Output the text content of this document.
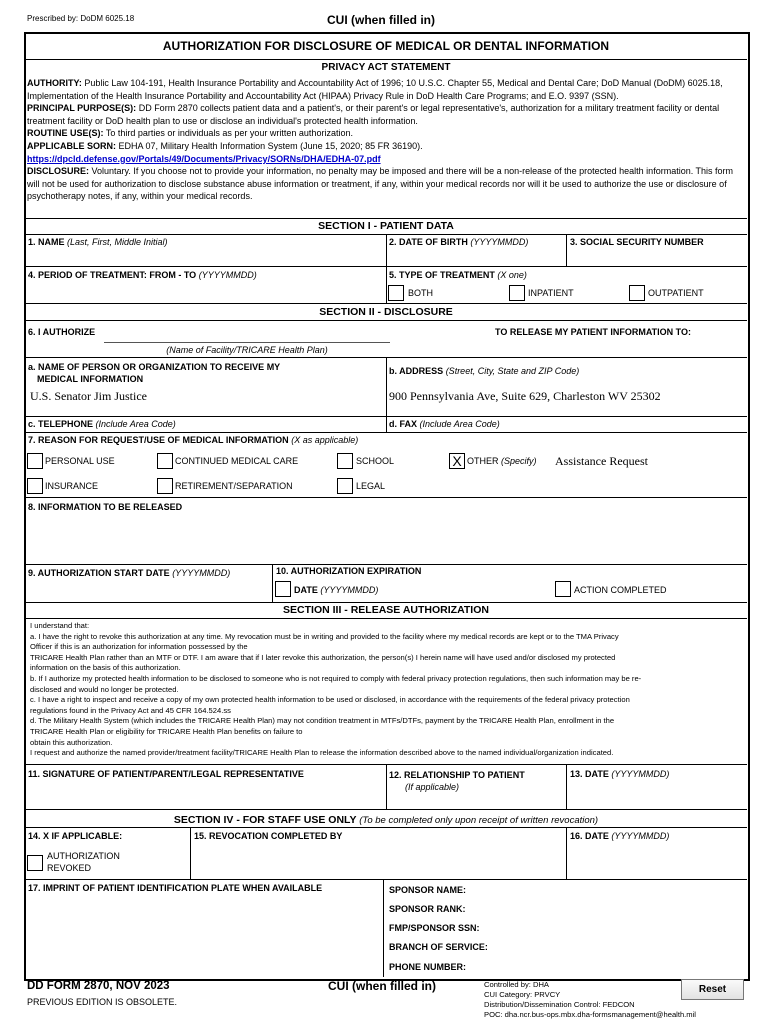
Prescribed by: DoDM 6025.18	CUI (when filled in)
AUTHORIZATION FOR DISCLOSURE OF MEDICAL OR DENTAL INFORMATION
PRIVACY ACT STATEMENT
AUTHORITY: Public Law 104-191, Health Insurance Portability and Accountability Act of 1996; 10 U.S.C. Chapter 55, Medical and Dental Care; DoD Manual (DoDM) 6025.18, Implementation of the Health Insurance Portability and Accountability Act (HIPAA) Privacy Rule in DoD Health Care Programs; and E.O. 9397 (SSN).
PRINCIPAL PURPOSE(S): DD Form 2870 collects patient data and a patient's, or their parent's or legal representative's, authorization for a military treatment facility or dental treatment facility or DoD health plan to use or disclose an individual's protected health information.
ROUTINE USE(S): To third parties or individuals as per your written authorization.
APPLICABLE SORN: EDHA 07, Military Health Information System (June 15, 2020; 85 FR 36190). https://dpcld.defense.gov/Portals/49/Documents/Privacy/SORNs/DHA/EDHA-07.pdf
DISCLOSURE: Voluntary. If you choose not to provide your information, no penalty may be imposed and there will be a non-release of the protected health information. This form will not be used for authorization to disclose substance abuse information or treatment, if any, within your medical records nor will it be used to authorize the use or disclosure of psychotherapy notes, if any, within your medical records.
SECTION I - PATIENT DATA
1. NAME (Last, First, Middle Initial)	2. DATE OF BIRTH (YYYYMMDD)	3. SOCIAL SECURITY NUMBER
4. PERIOD OF TREATMENT: FROM - TO (YYYYMMDD)	5. TYPE OF TREATMENT (X one)
BOTH	INPATIENT	OUTPATIENT
SECTION II - DISCLOSURE
6. I AUTHORIZE	TO RELEASE MY PATIENT INFORMATION TO:
(Name of Facility/TRICARE Health Plan)
a. NAME OF PERSON OR ORGANIZATION TO RECEIVE MY
MEDICAL INFORMATION
U.S. Senator Jim Justice
b. ADDRESS (Street, City, State and ZIP Code)
900 Pennsylvania Ave, Suite 629, Charleston WV 25302
c. TELEPHONE (Include Area Code)	d. FAX (Include Area Code)
7. REASON FOR REQUEST/USE OF MEDICAL INFORMATION (X as applicable)
PERSONAL USE	CONTINUED MEDICAL CARE	SCHOOL	X OTHER (Specify) Assistance Request
INSURANCE	RETIREMENT/SEPARATION	LEGAL
8. INFORMATION TO BE RELEASED
9. AUTHORIZATION START DATE (YYYYMMDD)	10. AUTHORIZATION EXPIRATION
DATE (YYYYMMDD)	ACTION COMPLETED
SECTION III - RELEASE AUTHORIZATION
I understand that:
a. I have the right to revoke this authorization at any time. My revocation must be in writing and provided to the facility where my medical records are kept or to the TMA Privacy
Officer if this is an authorization for information possessed by the
TRICARE Health Plan rather than an MTF or DTF. I am aware that if I later revoke this authorization, the person(s) I herein name will have used and/or disclosed my protected
information on the basis of this authorization.
b. If I authorize my protected health information to be disclosed to someone who is not required to comply with federal privacy protection regulations, then such information may be re-
disclosed and would no longer be protected.
c. I have a right to inspect and receive a copy of my own protected health information to be used or disclosed, in accordance with the requirements of the federal privacy protection
regulations found in the Privacy Act and 45 CFR 164.524.ss
d. The Military Health System (which includes the TRICARE Health Plan) may not condition treatment in MTFs/DTFs, payment by the TRICARE Health Plan, enrollment in the
TRICARE Health Plan or eligibility for TRICARE Health Plan benefits on failure to
obtain this authorization.
I request and authorize the named provider/treatment facility/TRICARE Health Plan to release the information described above to the named individual/organization indicated.
11. SIGNATURE OF PATIENT/PARENT/LEGAL REPRESENTATIVE	12. RELATIONSHIP TO PATIENT
(If applicable)
13. DATE (YYYYMMDD)
SECTION IV - FOR STAFF USE ONLY (To be completed only upon receipt of written revocation)
14. X IF APPLICABLE:	15. REVOCATION COMPLETED BY	16. DATE (YYYYMMDD)
AUTHORIZATION
REVOKED
17. IMPRINT OF PATIENT IDENTIFICATION PLATE WHEN AVAILABLE	SPONSOR NAME:
SPONSOR RANK:
FMP/SPONSOR SSN:
BRANCH OF SERVICE:
PHONE NUMBER:
DD FORM 2870, NOV 2023
PREVIOUS EDITION IS OBSOLETE.
CUI (when filled in)	Controlled by: DHA
CUI Category: PRVCY
Distribution/Dissemination Control: FEDCON
POC: dha.ncr.bus-ops.mbx.dha-formsmanagement@health.mil
Reset
